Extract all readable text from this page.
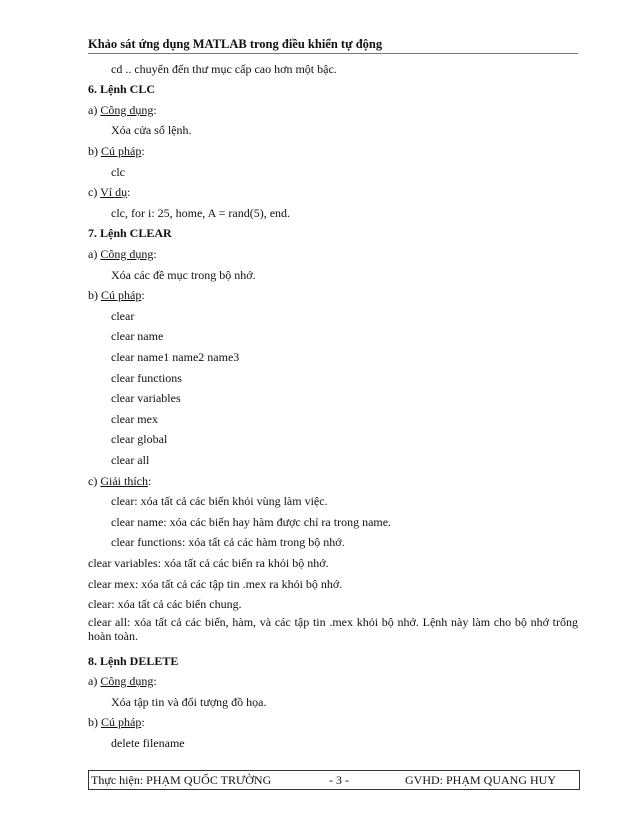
Khảo sát ứng dụng MATLAB trong điều khiển tự động
cd .. chuyển đến thư mục cấp cao hơn một bậc.
6. Lệnh CLC
a) Công dụng:
Xóa cửa sổ lệnh.
b) Cú pháp:
clc
c) Ví dụ:
clc, for i: 25, home, A = rand(5), end.
7. Lệnh CLEAR
a) Công dụng:
Xóa các đề mục trong bộ nhớ.
b) Cú pháp:
clear
clear name
clear name1 name2 name3
clear functions
clear variables
clear mex
clear global
clear all
c) Giải thích:
clear: xóa tất cả các biến khỏi vùng làm việc.
clear name: xóa các biến hay hàm được chỉ ra trong name.
clear functions: xóa tất cả các hàm trong bộ nhớ.
clear variables: xóa tất cả các biến ra khỏi bộ nhớ.
clear mex: xóa tất cả các tập tin .mex ra khỏi bộ nhớ.
clear: xóa tất cả các biến chung.
clear all: xóa tất cả các biến, hàm, và các tập tin .mex khỏi bộ nhớ. Lệnh này làm cho bộ nhớ trống hoàn toàn.
8. Lệnh DELETE
a) Công dụng:
Xóa tập tin và đối tượng đồ họa.
b) Cú pháp:
delete filename
Thực hiện: PHẠM QUỐC TRƯỜNG	- 3 -	GVHD: PHẠM QUANG HUY
